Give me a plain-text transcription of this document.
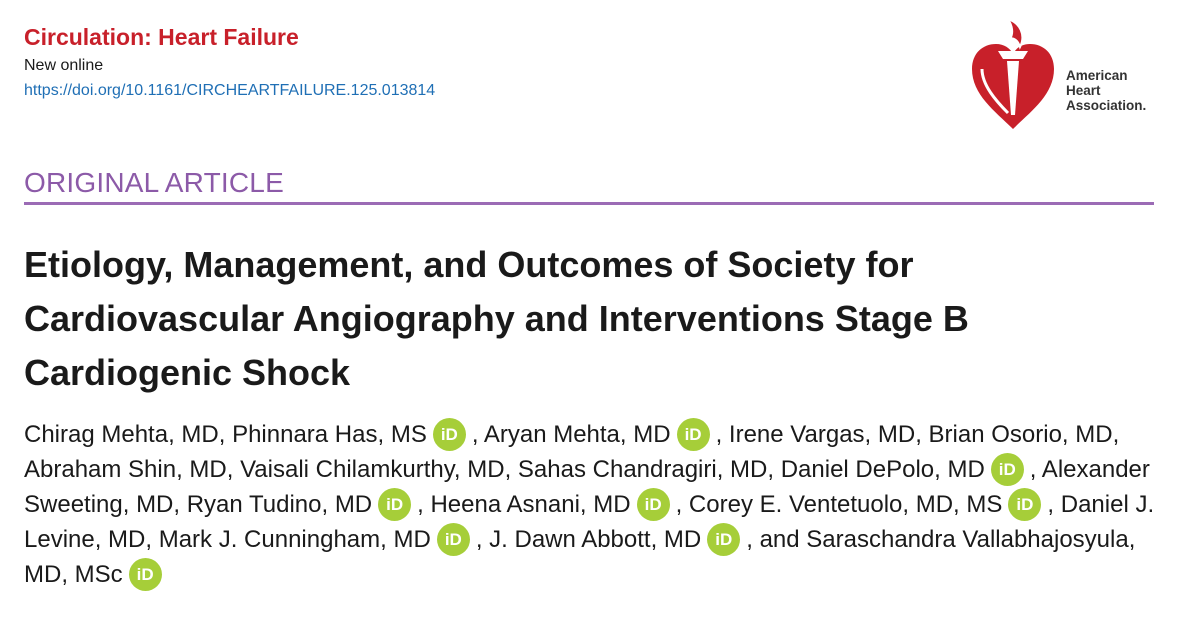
Circulation: Heart Failure
New online
https://doi.org/10.1161/CIRCHEARTFAILURE.125.013814
American
Heart
Association.
ORIGINAL ARTICLE
Etiology, Management, and Outcomes of Society for Cardiovascular Angiography and Interventions Stage B Cardiogenic Shock
Chirag Mehta, MD, Phinnara Has, MS iD , Aryan Mehta, MD iD , Irene Vargas, MD, Brian Osorio, MD, Abraham Shin, MD, Vaisali Chilamkurthy, MD, Sahas Chandragiri, MD, Daniel DePolo, MD iD , Alexander Sweeting, MD, Ryan Tudino, MD iD , Heena Asnani, MD iD , Corey E. Ventetuolo, MD, MS iD , Daniel J. Levine, MD, Mark J. Cunningham, MD iD , J. Dawn Abbott, MD iD , and Saraschandra Vallabhajosyula, MD, MSc iD
